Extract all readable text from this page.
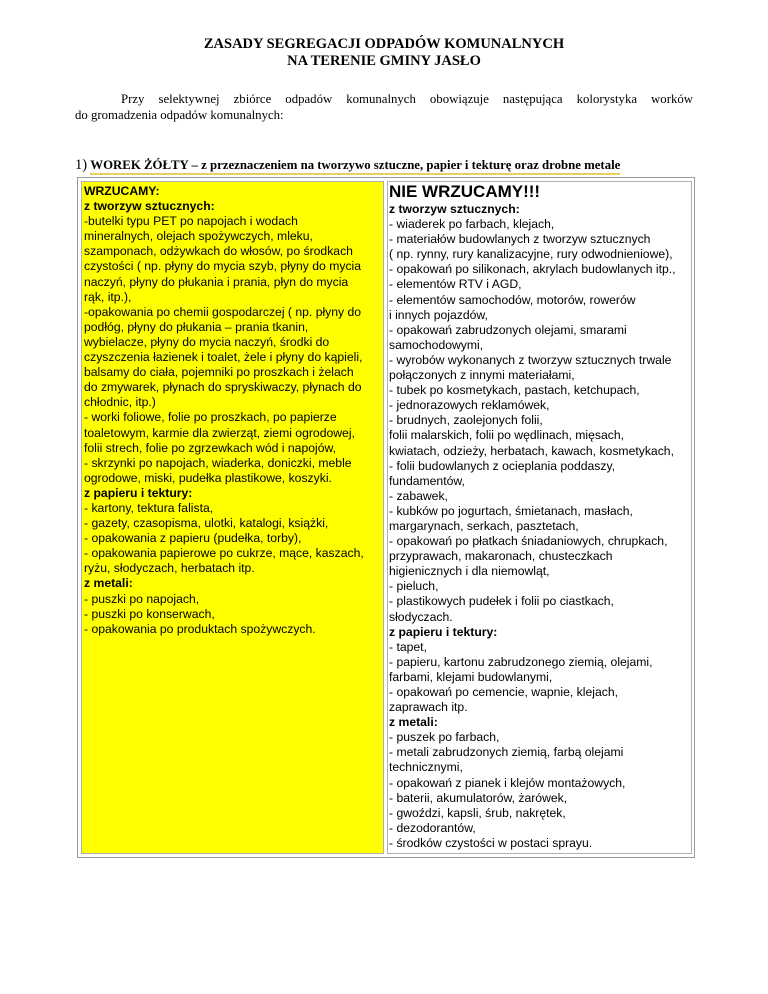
ZASADY SEGREGACJI ODPADÓW KOMUNALNYCH
NA TERENIE GMINY JASŁO
Przy selektywnej zbiórce odpadów komunalnych obowiązuje następująca kolorystyka worków
do gromadzenia odpadów komunalnych:
1) WOREK ŻÓŁTY – z przeznaczeniem na tworzywo sztuczne, papier i tekturę oraz drobne metale
WRZUCAMY:
z tworzyw sztucznych:
-butelki typu PET po napojach i wodach
mineralnych, olejach spożywczych, mleku,
szamponach, odżywkach do włosów, po środkach
czystości ( np. płyny do mycia szyb, płyny do mycia
naczyń, płyny do płukania i prania, płyn do mycia
rąk, itp.),
-opakowania po chemii gospodarczej ( np. płyny do
podłóg, płyny do płukania – prania tkanin,
wybielacze, płyny do mycia naczyń, środki do
czyszczenia łazienek i toalet, żele i płyny do kąpieli,
balsamy do ciała, pojemniki po proszkach i żelach
do zmywarek, płynach do spryskiwaczy, płynach do
chłodnic, itp.)
- worki foliowe, folie po proszkach, po papierze
toaletowym, karmie dla zwierząt, ziemi ogrodowej,
folii strech, folie po zgrzewkach wód i napojów,
- skrzynki po napojach, wiaderka, doniczki, meble
ogrodowe, miski, pudełka plastikowe, koszyki.
z papieru i tektury:
- kartony, tektura falista,
- gazety, czasopisma, ulotki, katalogi, książki,
- opakowania z papieru (pudełka, torby),
- opakowania papierowe po cukrze, mące, kaszach,
ryżu, słodyczach, herbatach itp.
z metali:
- puszki po napojach,
- puszki po konserwach,
- opakowania po produktach spożywczych.
NIE WRZUCAMY!!!
z tworzyw sztucznych:
- wiaderek po farbach, klejach,
- materiałów budowlanych z tworzyw sztucznych
( np. rynny, rury kanalizacyjne, rury odwodnieniowe),
- opakowań po silikonach, akrylach budowlanych itp.,
- elementów RTV i AGD,
- elementów samochodów, motorów, rowerów
i innych pojazdów,
- opakowań zabrudzonych olejami, smarami
samochodowymi,
- wyrobów wykonanych z tworzyw sztucznych trwale
połączonych z innymi materiałami,
- tubek po kosmetykach, pastach, ketchupach,
- jednorazowych reklamówek,
- brudnych, zaolejonych folii,
folii malarskich, folii po wędlinach, mięsach,
kwiatach, odzieży, herbatach, kawach, kosmetykach,
- folii budowlanych z ocieplania poddaszy,
fundamentów,
- zabawek,
- kubków po jogurtach, śmietanach, masłach,
margarynach, serkach, pasztetach,
- opakowań po płatkach śniadaniowych, chrupkach,
przyprawach, makaronach, chusteczkach
higienicznych i dla niemowląt,
- pieluch,
- plastikowych pudełek i folii po ciastkach,
słodyczach.
z papieru i tektury:
- tapet,
- papieru, kartonu zabrudzonego ziemią, olejami,
farbami, klejami budowlanymi,
- opakowań po cemencie, wapnie, klejach,
zaprawach itp.
z metali:
- puszek po farbach,
- metali zabrudzonych ziemią, farbą olejami
technicznymi,
- opakowań z pianek i klejów montażowych,
- baterii, akumulatorów, żarówek,
- gwoździ, kapsli, śrub, nakrętek,
- dezodorantów,
- środków czystości w postaci sprayu.
